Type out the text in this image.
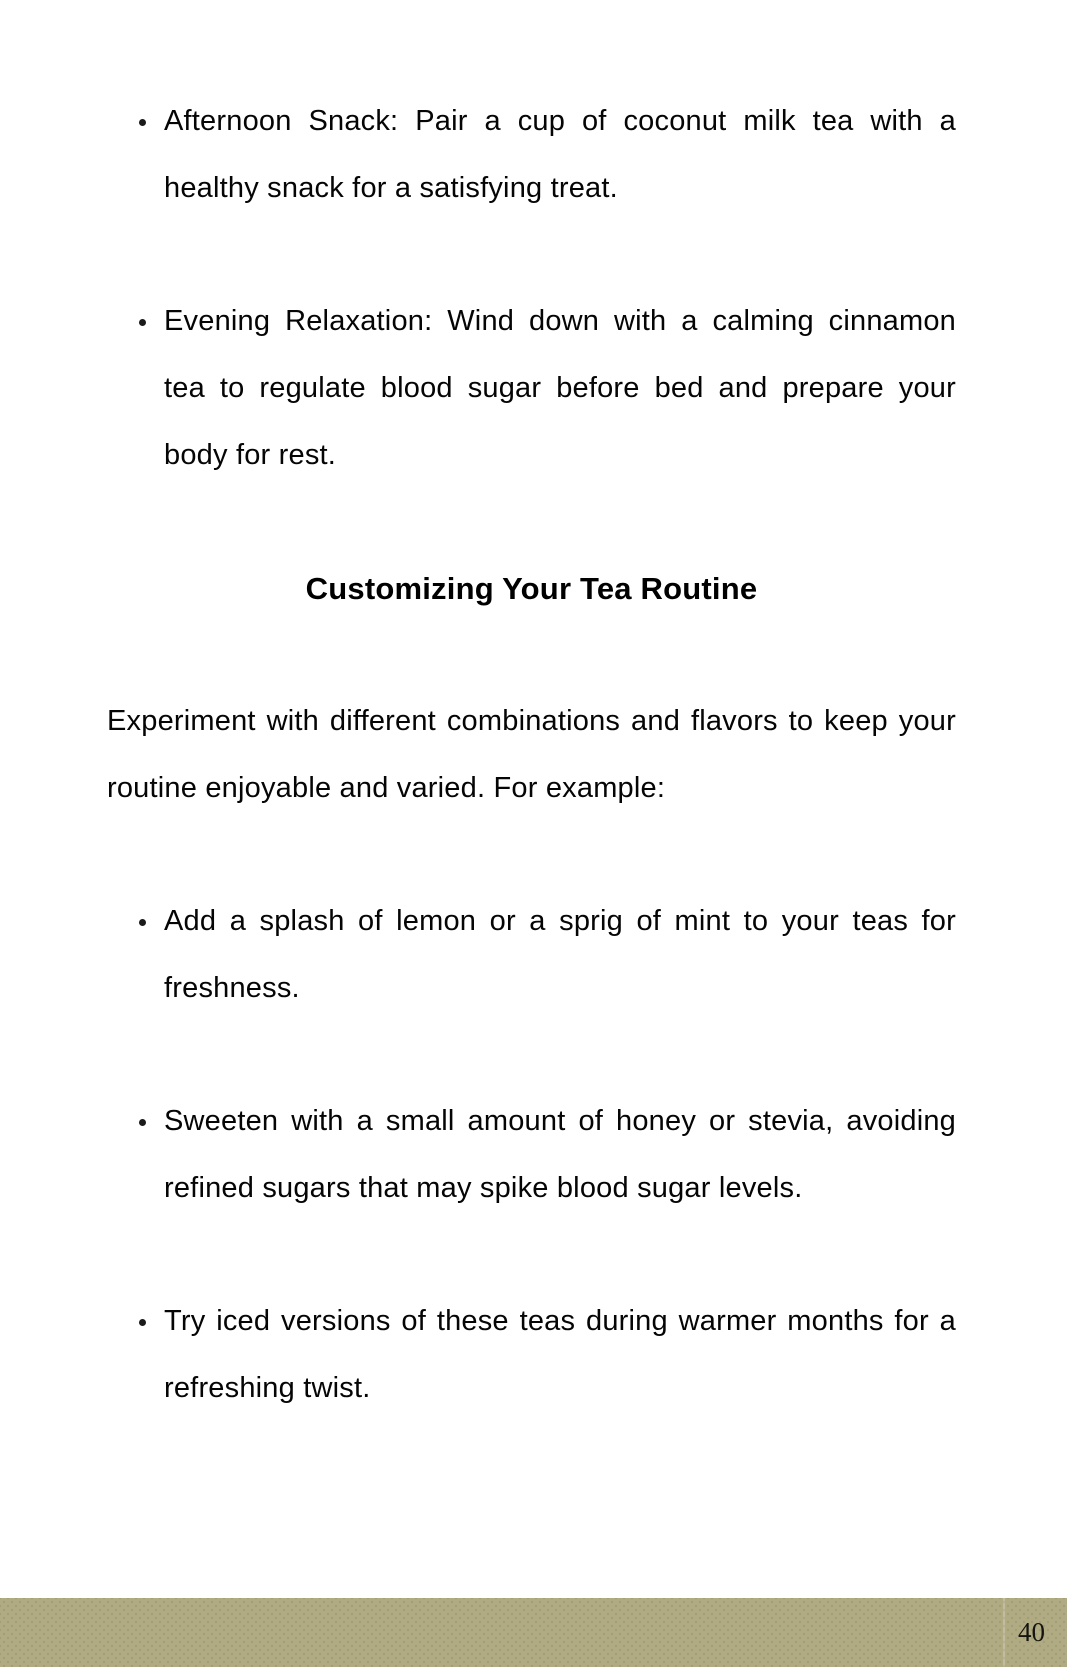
Afternoon Snack: Pair a cup of coconut milk tea with a healthy snack for a satisfying treat.
Evening Relaxation: Wind down with a calming cinnamon tea to regulate blood sugar before bed and prepare your body for rest.
Customizing Your Tea Routine

Experiment with different combinations and flavors to keep your routine enjoyable and varied. For example:

Add a splash of lemon or a sprig of mint to your teas for freshness.
Sweeten with a small amount of honey or stevia, avoiding refined sugars that may spike blood sugar levels.
Try iced versions of these teas during warmer months for a refreshing twist.
40
